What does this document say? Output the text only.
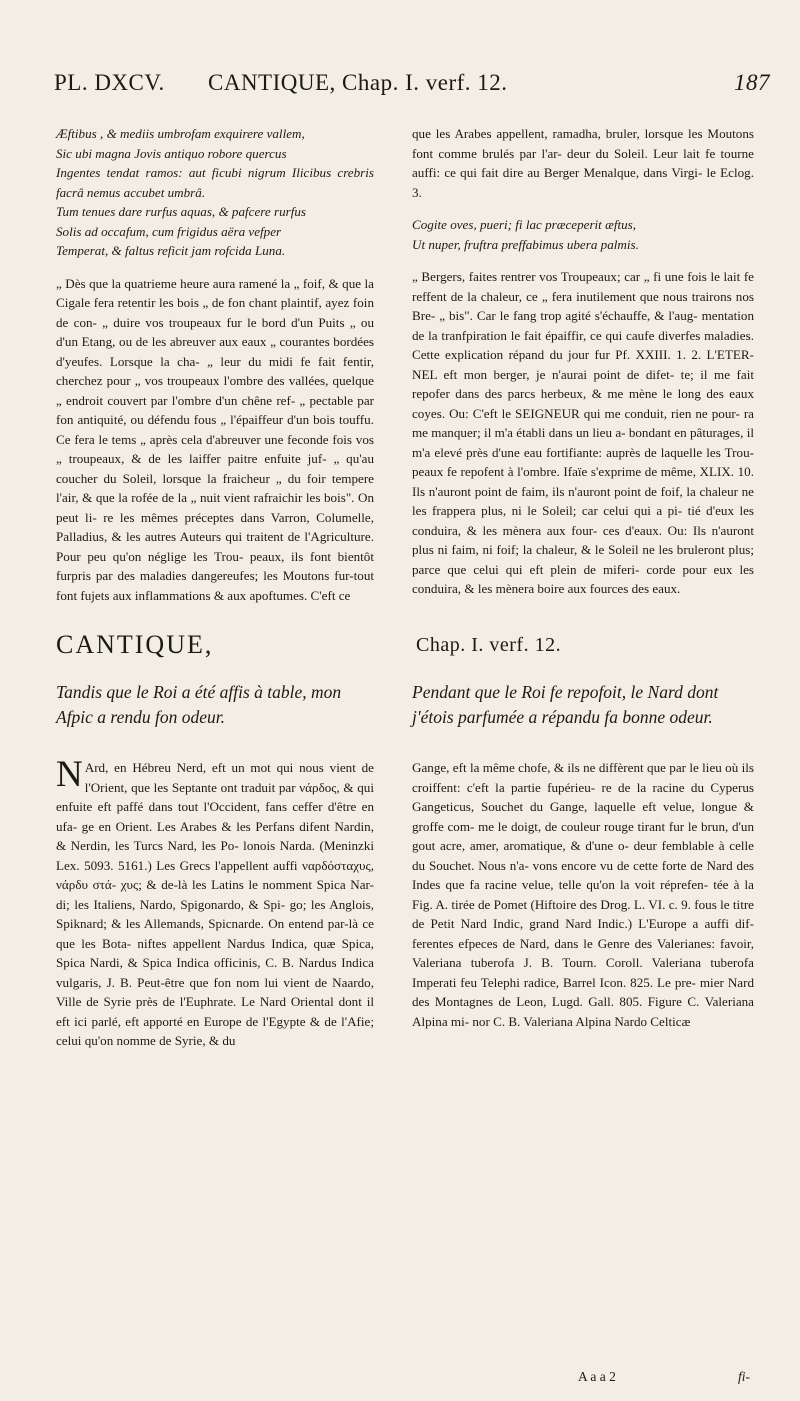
PL. DXCV. CANTIQUE, Chap. I. verf. 12.	187

Æftibus , & mediis umbrofam exquirere vallem,

Sic ubi magna Jovis antiquo robore quercus

Ingentes tendat ramos: aut ficubi nigrum Ilicibus crebris facrâ nemus accubet umbrâ.

Tum tenues dare rurfus aquas, & pafcere rurfus

Solis ad occafum, cum frigidus aëra vefper

Temperat, & faltus reficit jam rofcida Luna.

„ Dès que la quatrieme heure aura ramené la „ foif, & que la Cigale fera retentir les bois „ de fon chant plaintif, ayez foin de con- „ duire vos troupeaux fur le bord d'un Puits „ ou d'un Etang, ou de les abreuver aux eaux „ courantes bordées d'yeufes. Lorsque la cha- „ leur du midi fe fait fentir, cherchez pour „ vos troupeaux l'ombre des vallées, quelque „ endroit couvert par l'ombre d'un chêne ref- „ pectable par fon antiquité, ou défendu fous „ l'épaiffeur d'un bois touffu. Ce fera le tems „ après cela d'abreuver une feconde fois vos „ troupeaux, & de les laiffer paitre enfuite juf- „ qu'au coucher du Soleil, lorsque la fraicheur „ du foir tempere l'air, & que la rofée de la „ nuit vient rafraichir les bois". On peut li- re les mêmes préceptes dans Varron, Columelle, Palladius, & les autres Auteurs qui traitent de l'Agriculture. Pour peu qu'on néglige les Trou- peaux, ils font bientôt furpris par des maladies dangereufes; les Moutons fur-tout font fujets aux inflammations & aux apoftumes. C'eft ce

que les Arabes appellent, ramadha, bruler, lorsque les Moutons font comme brulés par l'ar- deur du Soleil. Leur lait fe tourne auffi: ce qui fait dire au Berger Menalque, dans Virgi- le Eclog. 3.

Cogite oves, pueri; fi lac præceperit æftus,

Ut nuper, fruftra preffabimus ubera palmis.

„ Bergers, faites rentrer vos Troupeaux; car „ fi une fois le lait fe reffent de la chaleur, ce „ fera inutilement que nous trairons nos Bre- „ bis". Car le fang trop agité s'échauffe, & l'aug- mentation de la tranfpiration le fait épaiffir, ce qui caufe diverfes maladies. Cette explication répand du jour fur Pf. XXIII. 1. 2. L'ETER- NEL eft mon berger, je n'aurai point de difet- te; il me fait repofer dans des parcs herbeux, & me mène le long des eaux coyes. Ou: C'eft le SEIGNEUR qui me conduit, rien ne pour- ra me manquer; il m'a établi dans un lieu a- bondant en pâturages, il m'a elevé près d'une eau fortifiante: auprès de laquelle les Trou- peaux fe repofent à l'ombre. Ifaïe s'exprime de même, XLIX. 10. Ils n'auront point de faim, ils n'auront point de foif, la chaleur ne les frappera plus, ni le Soleil; car celui qui a pi- tié d'eux les conduira, & les mènera aux four- ces d'eaux. Ou: Ils n'auront plus ni faim, ni foif; la chaleur, & le Soleil ne les bruleront plus; parce que celui qui eft plein de miferi- corde pour eux les conduira, & les mènera boire aux fources des eaux.

CANTIQUE,	Chap. I. verf. 12.
Tandis que le Roi a été affis à table, mon Afpic a rendu fon odeur.
Pendant que le Roi fe repofoit, le Nard dont j'étois parfumée a répandu fa bonne odeur.

N Ard, en Hébreu Nerd, eft un mot qui nous vient de l'Orient, que les Septante ont traduit par νάρδος, & qui enfuite eft paffé dans tout l'Occident, fans ceffer d'être en ufa- ge en Orient. Les Arabes & les Perfans difent Nardin, & Nerdin, les Turcs Nard, les Po- lonois Narda. (Meninzki Lex. 5093. 5161.) Les Grecs l'appellent auffi ναρδόσταχυς, νάρδυ στά- χυς; & de-là les Latins le nomment Spica Nar- di; les Italiens, Nardo, Spigonardo, & Spi- go; les Anglois, Spiknard; & les Allemands, Spicnarde. On entend par-là ce que les Bota- niftes appellent Nardus Indica, quæ Spica, Spica Nardi, & Spica Indica officinis, C. B. Nardus Indica vulgaris, J. B. Peut-être que fon nom lui vient de Naardo, Ville de Syrie près de l'Euphrate. Le Nard Oriental dont il eft ici parlé, eft apporté en Europe de l'Egypte & de l'Afie; celui qu'on nomme de Syrie, & du

Gange, eft la même chofe, & ils ne diffèrent que par le lieu où ils croiffent: c'eft la partie fupérieu- re de la racine du Cyperus Gangeticus, Souchet du Gange, laquelle eft velue, longue & groffe com- me le doigt, de couleur rouge tirant fur le brun, d'un gout acre, amer, aromatique, & d'une o- deur femblable à celle du Souchet. Nous n'a- vons encore vu de cette forte de Nard des Indes que fa racine velue, telle qu'on la voit réprefen- tée à la Fig. A. tirée de Pomet (Hiftoire des Drog. L. VI. c. 9. fous le titre de Petit Nard Indic, grand Nard Indic.) L'Europe a auffi dif- ferentes efpeces de Nard, dans le Genre des Valerianes: favoir, Valeriana tuberofa J. B. Tourn. Coroll. Valeriana tuberofa Imperati feu Telephi radice, Barrel Icon. 825. Le pre- mier Nard des Montagnes de Leon, Lugd. Gall. 805. Figure C. Valeriana Alpina mi- nor C. B. Valeriana Alpina Nardo Celticæ

A a a 2	fi-
